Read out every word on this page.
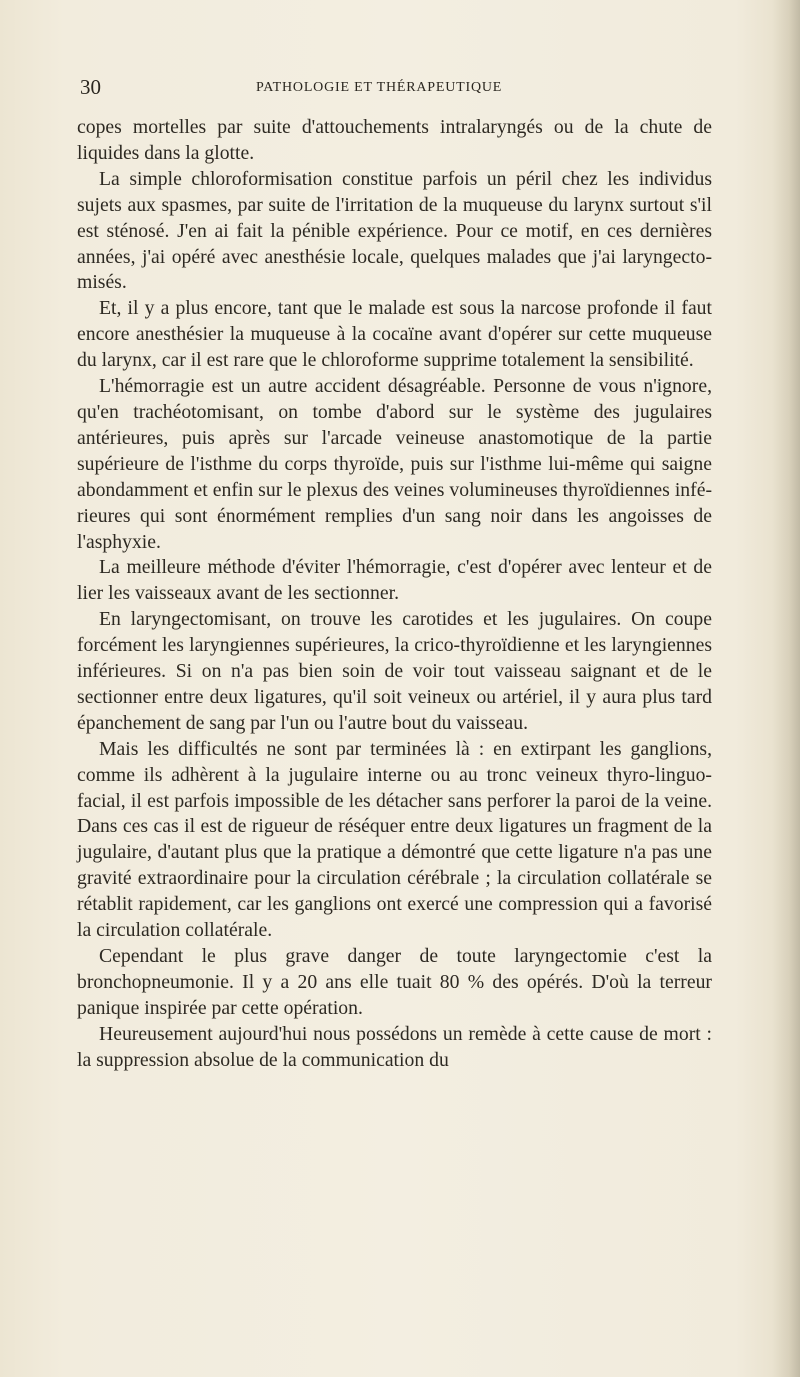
30	PATHOLOGIE ET THÉRAPEUTIQUE

copes mortelles par suite d'attouchements intralaryngés ou de la chute de liquides dans la glotte.

La simple chloroformisation constitue parfois un péril chez les individus sujets aux spasmes, par suite de l'irritation de la muqueuse du larynx surtout s'il est sténosé. J'en ai fait la pénible expérience. Pour ce motif, en ces dernières années, j'ai opéré avec anesthésie locale, quelques malades que j'ai laryngectomisés.

Et, il y a plus encore, tant que le malade est sous la narcose profonde il faut encore anesthésier la muqueuse à la cocaïne avant d'opérer sur cette muqueuse du larynx, car il est rare que le chloroforme supprime totalement la sensibilité.

L'hémorragie est un autre accident désagréable. Personne de vous n'ignore, qu'en trachéotomisant, on tombe d'abord sur le système des jugulaires antérieures, puis après sur l'arcade veineuse anastomotique de la partie supérieure de l'isthme du corps thyroïde, puis sur l'isthme lui-même qui saigne abondamment et enfin sur le plexus des veines volumineuses thyroïdiennes inférieures qui sont énormément remplies d'un sang noir dans les angoisses de l'asphyxie.

La meilleure méthode d'éviter l'hémorragie, c'est d'opérer avec lenteur et de lier les vaisseaux avant de les sectionner.

En laryngectomisant, on trouve les carotides et les jugulaires. On coupe forcément les laryngiennes supérieures, la crico-thyroïdienne et les laryngiennes inférieures. Si on n'a pas bien soin de voir tout vaisseau saignant et de le sectionner entre deux ligatures, qu'il soit veineux ou artériel, il y aura plus tard épanchement de sang par l'un ou l'autre bout du vaisseau.

Mais les difficultés ne sont par terminées là : en extirpant les ganglions, comme ils adhèrent à la jugulaire interne ou au tronc veineux thyro-linguo-facial, il est parfois impossible de les détacher sans perforer la paroi de la veine. Dans ces cas il est de rigueur de réséquer entre deux ligatures un fragment de la jugulaire, d'autant plus que la pratique a démontré que cette ligature n'a pas une gravité extraordinaire pour la circulation cérébrale ; la circulation collatérale se rétablit rapidement, car les ganglions ont exercé une compression qui a favorisé la circulation collatérale.

Cependant le plus grave danger de toute laryngectomie c'est la bronchopneumonie. Il y a 20 ans elle tuait 80 % des opérés. D'où la terreur panique inspirée par cette opération.

Heureusement aujourd'hui nous possédons un remède à cette cause de mort : la suppression absolue de la communication du
